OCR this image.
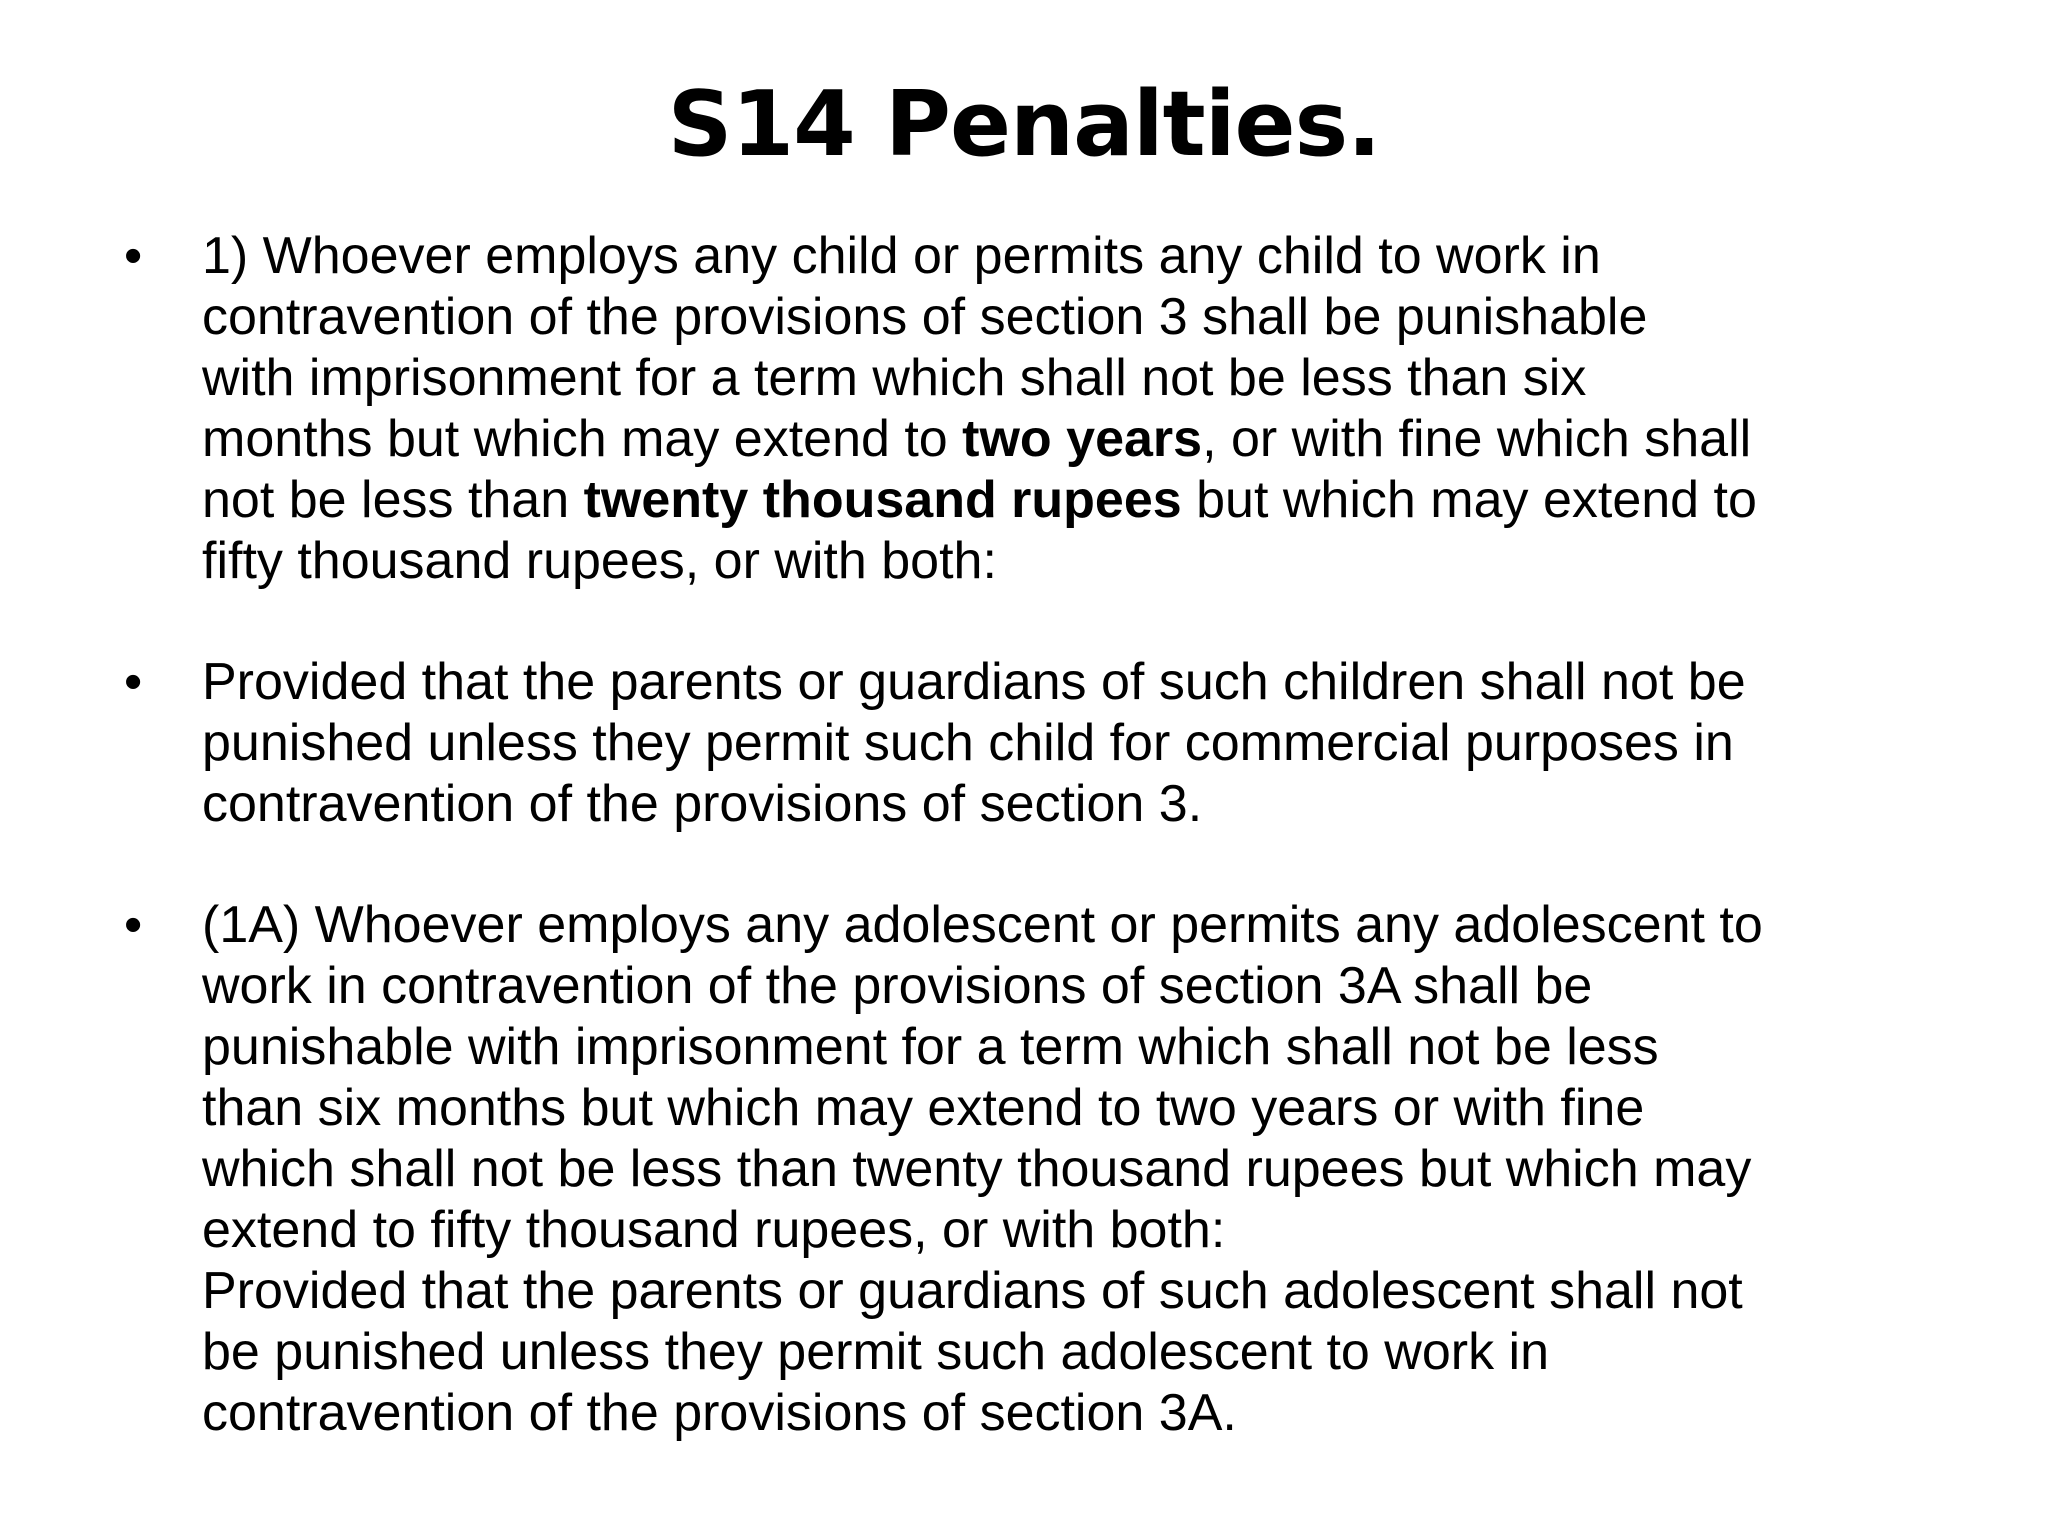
S14 Penalties.
•	1) Whoever employs any child or permits any child to work in
contravention of the provisions of section 3 shall be punishable
with imprisonment for a term which shall not be less than six
months but which may extend to two years, or with fine which shall
not be less than twenty thousand rupees but which may extend to
fifty thousand rupees, or with both:
•	Provided that the parents or guardians of such children shall not be
punished unless they permit such child for commercial purposes in
contravention of the provisions of section 3.
•	(1A) Whoever employs any adolescent or permits any adolescent to
work in contravention of the provisions of section 3A shall be
punishable with imprisonment for a term which shall not be less
than six months but which may extend to two years or with fine
which shall not be less than twenty thousand rupees but which may
extend to fifty thousand rupees, or with both:
Provided that the parents or guardians of such adolescent shall not
be punished unless they permit such adolescent to work in
contravention of the provisions of section 3A.
